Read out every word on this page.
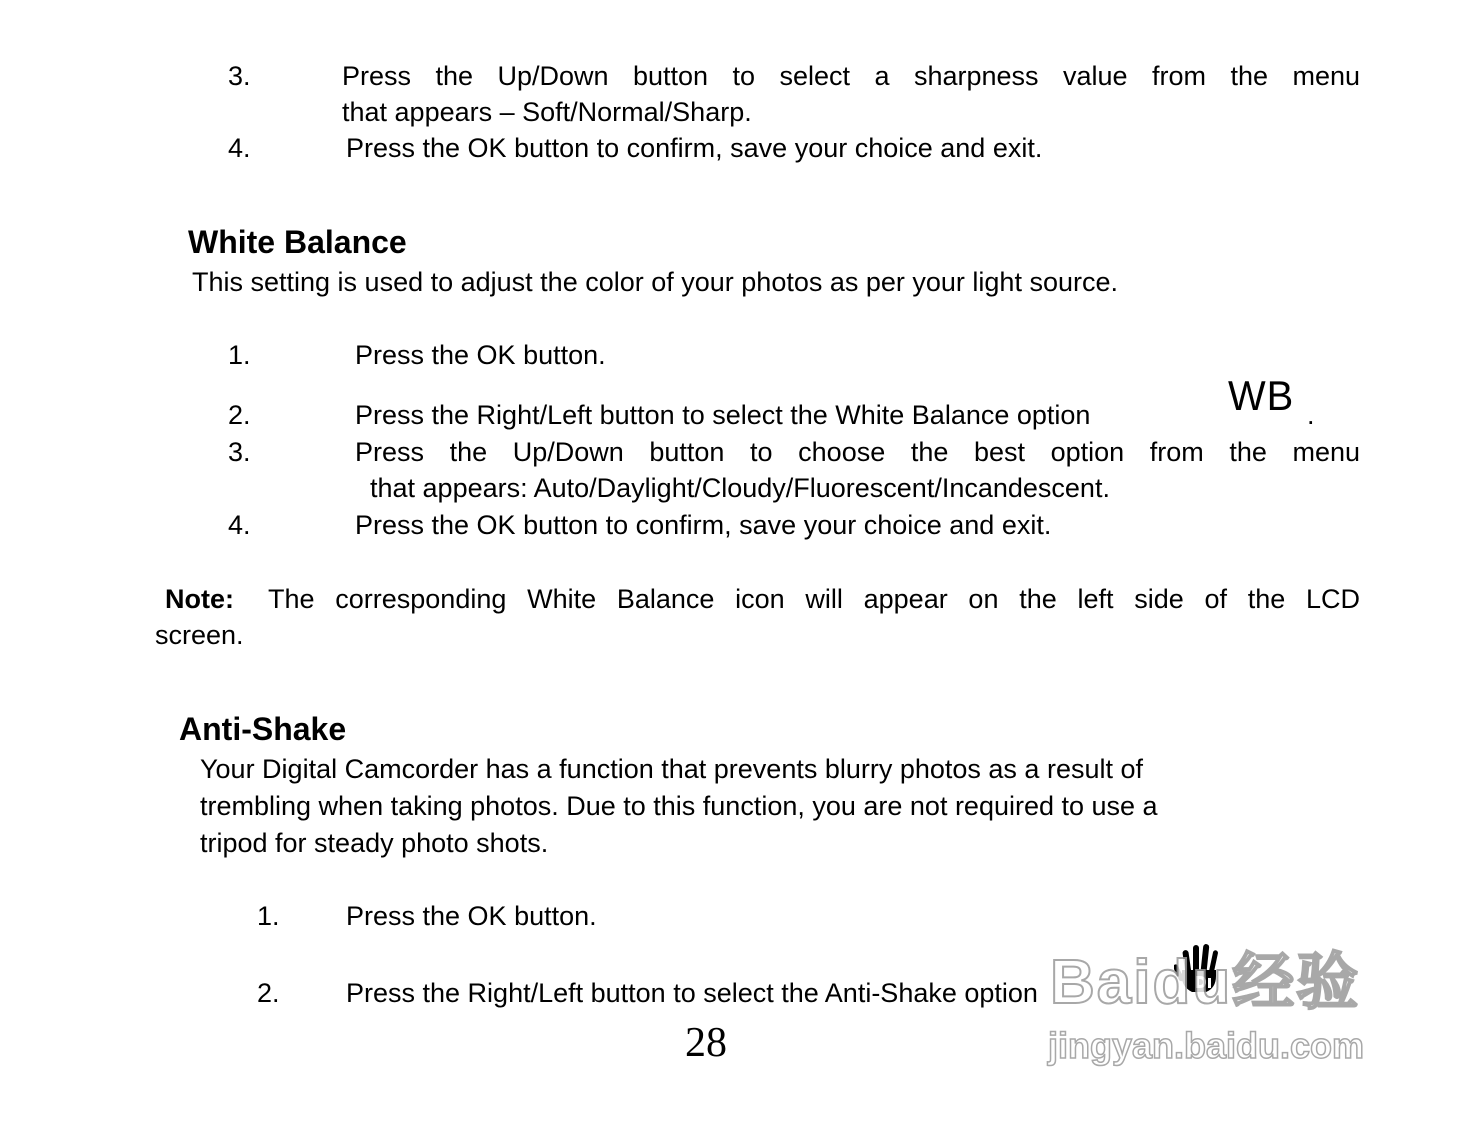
3.	Press the Up/Down button to select a sharpness value from the menu
that appears – Soft/Normal/Sharp.
4.	Press the OK button to confirm, save your choice and exit.
White Balance
This setting is used to adjust the color of your photos as per your light source.
1.	Press the OK button.
2.	Press the Right/Left button to select the White Balance option	WB .
3.	Press the Up/Down button to choose the best option from the menu
that appears: Auto/Daylight/Cloudy/Fluorescent/Incandescent.
4.	Press the OK button to confirm, save your choice and exit.
Note: The corresponding White Balance icon will appear on the left side of the LCD
screen.
Anti-Shake
Your Digital Camcorder has a function that prevents blurry photos as a result of
trembling when taking photos. Due to this function, you are not required to use a
tripod for steady photo shots.
1. Press the OK button.
2. Press the Right/Left button to select the Anti-Shake option
28
Baidu经验
jingyan.baidu.com
